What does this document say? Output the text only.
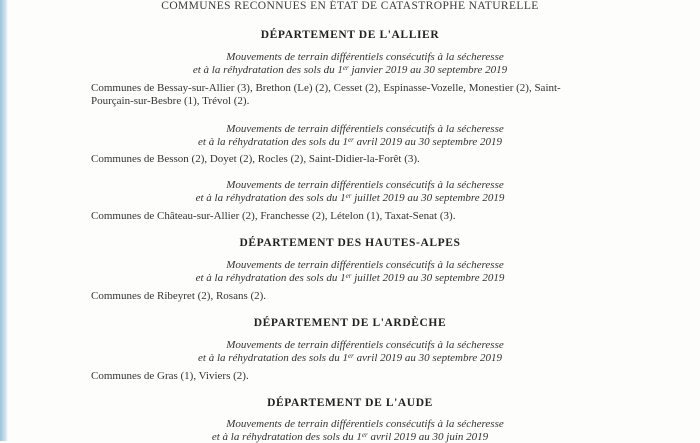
COMMUNES RECONNUES EN ÉTAT DE CATASTROPHE NATURELLE
DÉPARTEMENT DE L'ALLIER
Mouvements de terrain différentiels consécutifs à la sécheresse
et à la réhydratation des sols du 1er janvier 2019 au 30 septembre 2019
Communes de Bessay-sur-Allier (3), Brethon (Le) (2), Cesset (2), Espinasse-Vozelle, Monestier (2), Saint-
Pourçain-sur-Besbre (1), Trévol (2).
Mouvements de terrain différentiels consécutifs à la sécheresse
et à la réhydratation des sols du 1er avril 2019 au 30 septembre 2019
Communes de Besson (2), Doyet (2), Rocles (2), Saint-Didier-la-Forêt (3).
Mouvements de terrain différentiels consécutifs à la sécheresse
et à la réhydratation des sols du 1er juillet 2019 au 30 septembre 2019
Communes de Château-sur-Allier (2), Franchesse (2), Lételon (1), Taxat-Senat (3).
DÉPARTEMENT DES HAUTES-ALPES
Mouvements de terrain différentiels consécutifs à la sécheresse
et à la réhydratation des sols du 1er juillet 2019 au 30 septembre 2019
Communes de Ribeyret (2), Rosans (2).
DÉPARTEMENT DE L'ARDÈCHE
Mouvements de terrain différentiels consécutifs à la sécheresse
et à la réhydratation des sols du 1er avril 2019 au 30 septembre 2019
Communes de Gras (1), Viviers (2).
DÉPARTEMENT DE L'AUDE
Mouvements de terrain différentiels consécutifs à la sécheresse
et à la réhydratation des sols du 1er avril 2019 au 30 juin 2019
